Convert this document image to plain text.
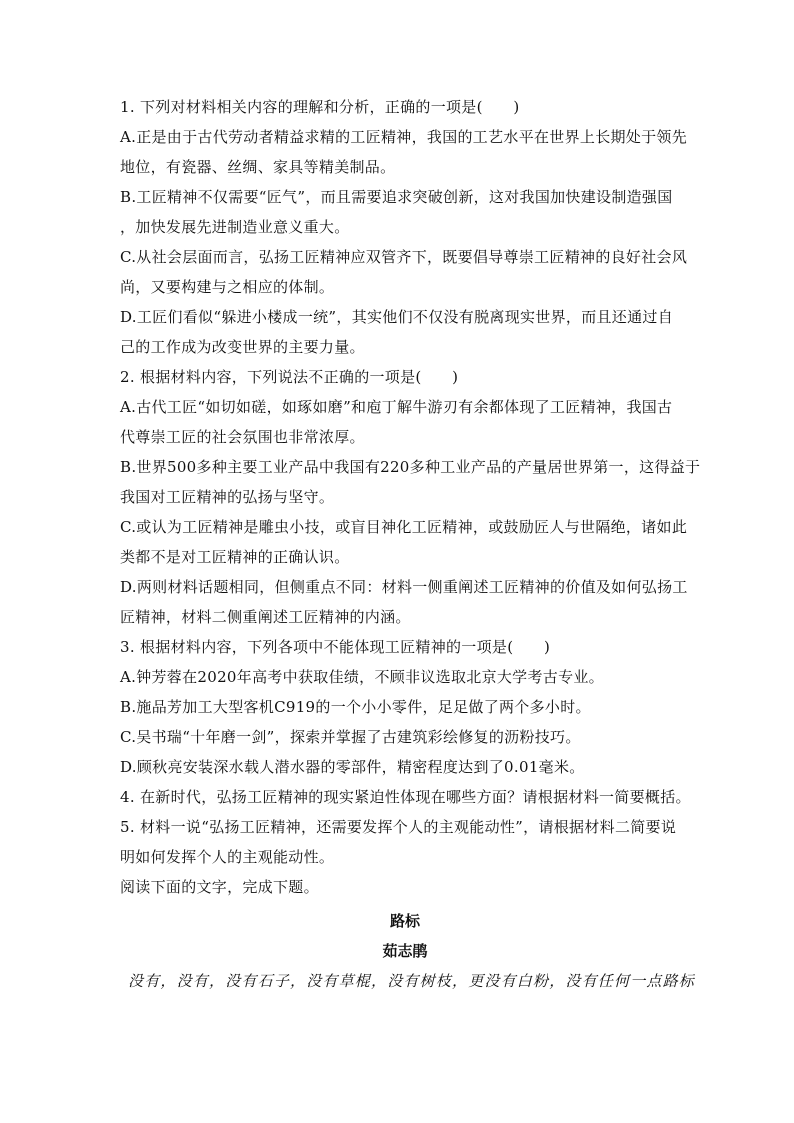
1. 下列对材料相关内容的理解和分析，正确的一项是(　　)
A.正是由于古代劳动者精益求精的工匠精神，我国的工艺水平在世界上长期处于领先
地位，有瓷器、丝绸、家具等精美制品。
B.工匠精神不仅需要“匠气”，而且需要追求突破创新，这对我国加快建设制造强国
，加快发展先进制造业意义重大。
C.从社会层面而言，弘扬工匠精神应双管齐下，既要倡导尊崇工匠精神的良好社会风
尚，又要构建与之相应的体制。
D.工匠们看似“躲进小楼成一统”，其实他们不仅没有脱离现实世界，而且还通过自
己的工作成为改变世界的主要力量。
2. 根据材料内容，下列说法不正确的一项是(　　)
A.古代工匠“如切如磋，如琢如磨”和庖丁解牛游刃有余都体现了工匠精神，我国古
代尊崇工匠的社会氛围也非常浓厚。
B.世界500多种主要工业产品中我国有220多种工业产品的产量居世界第一，这得益于
我国对工匠精神的弘扬与坚守。
C.或认为工匠精神是雕虫小技，或盲目神化工匠精神，或鼓励匠人与世隔绝，诸如此
类都不是对工匠精神的正确认识。
D.两则材料话题相同，但侧重点不同：材料一侧重阐述工匠精神的价值及如何弘扬工
匠精神，材料二侧重阐述工匠精神的内涵。
3. 根据材料内容，下列各项中不能体现工匠精神的一项是(　　)
A.钟芳蓉在2020年高考中获取佳绩，不顾非议选取北京大学考古专业。
B.施品芳加工大型客机C919的一个小小零件，足足做了两个多小时。
C.吴书瑞“十年磨一剑”，探索并掌握了古建筑彩绘修复的沥粉技巧。
D.顾秋亮安装深水载人潜水器的零部件，精密程度达到了0.01毫米。
4. 在新时代，弘扬工匠精神的现实紧迫性体现在哪些方面？请根据材料一简要概括。
5. 材料一说“弘扬工匠精神，还需要发挥个人的主观能动性”，请根据材料二简要说
明如何发挥个人的主观能动性。
阅读下面的文字，完成下题。
路标
茹志鹃
没有，没有，没有石子，没有草棍，没有树枝，更没有白粉，没有任何一点路标
